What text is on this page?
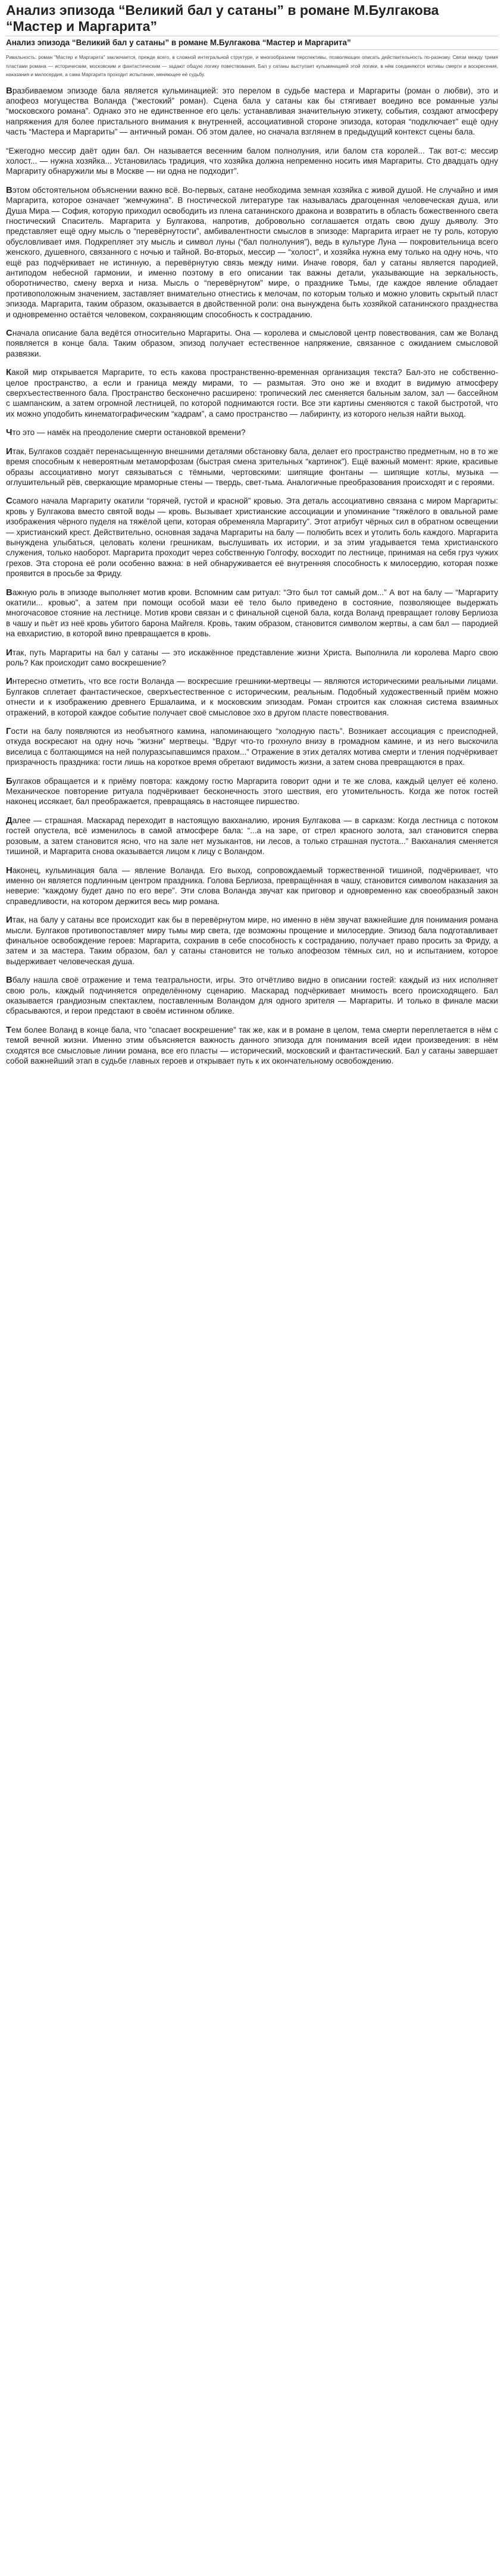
Анализ эпизода “Великий бал у сатаны” в романе М.Булгакова “Мастер и Маргарита”
Анализ эпизода “Великий бал у сатаны” в романе М.Булгакова “Мастер и Маргарита”

Ривальность: роман "Мастер и Маргарита" заключается, прежде всего, в сложной интегральной структуре, и многообразием перспективы, позволяющих описать действительность по-разному. Связи между тремя пластами романа — историческим, московским и фантастическим — задают общую логику повествования. Бал у сатаны выступает кульминацией этой логики, в нём соединяются мотивы смерти и воскресения, наказания и милосердия, а сама Маргарита проходит испытание, меняющее её судьбу.

Вразбиваемом эпизоде бала является кульминацией: это перелом в судьбе мастера и Маргариты (роман о любви), это и апофеоз могущества Воланда (“жестокий” роман). Сцена бала у сатаны как бы стягивает воедино все романные узлы “московского романа”. Однако это не единственное его цель: устанавливая значительную этикету, события, создают атмосферу напряжения для более пристального внимания к внутренней, ассоциативной стороне эпизода, которая “подключает” ещё одну часть “Мастера и Маргариты” — античный роман. Об этом далее, но сначала взглянем в предыдущий контекст сцены бала.

“Ежегодно мессир даёт один бал. Он называется весенним балом полнолуния, или балом ста королей... Так вот-с: мессир холост... — нужна хозяйка... Установилась традиция, что хозяйка должна непременно носить имя Маргариты. Сто двадцать одну Маргариту обнаружили мы в Москве — ни одна не подходит”.

Вэтом обстоятельном объяснении важно всё. Во-первых, сатане необходима земная хозяйка с живой душой. Не случайно и имя Маргарита, которое означает “жемчужина”. В гностической литературе так называлась драгоценная человеческая душа, или Душа Мира — София, которую приходил освободить из плена сатанинского дракона и возвратить в область божественного света гностический Спаситель. Маргарита у Булгакова, напротив, добровольно соглашается отдать свою душу дьяволу. Это представляет ещё одну мысль о “перевёрнутости”, амбивалентности смыслов в эпизоде: Маргарита играет не ту роль, которую обусловливает имя. Подкрепляет эту мысль и символ луны (“бал полнолуния”), ведь в культуре Луна — покровительница всего женского, душевного, связанного с ночью и тайной. Во-вторых, мессир — “холост”, и хозяйка нужна ему только на одну ночь, что ещё раз подчёркивает не истинную, а перевёрнутую связь между ними. Иначе говоря, бал у сатаны является пародией, антиподом небесной гармонии, и именно поэтому в его описании так важны детали, указывающие на зеркальность, оборотничество, смену верха и низа. Мысль о “перевёрнутом” мире, о празднике Тьмы, где каждое явление обладает противоположным значением, заставляет внимательно отнестись к мелочам, по которым только и можно уловить скрытый пласт эпизода. Маргарита, таким образом, оказывается в двойственной роли: она вынуждена быть хозяйкой сатанинского празднества и одновременно остаётся человеком, сохраняющим способность к состраданию.

Сначала описание бала ведётся относительно Маргариты. Она — королева и смысловой центр повествования, сам же Воланд появляется в конце бала. Таким образом, эпизод получает естественное напряжение, связанное с ожиданием смысловой развязки.

Какой мир открывается Маргарите, то есть какова пространственно-временная организация текста? Бал-это не собственно-целое пространство, а если и граница между мирами, то — размытая. Это оно же и входит в видимую атмосферу сверхъестественного бала. Пространство бесконечно расширено: тропический лес сменяется бальным залом, зал — бассейном с шампанским, а затем огромной лестницей, по которой поднимаются гости. Все эти картины сменяются с такой быстротой, что их можно уподобить кинематографическим “кадрам”, а само пространство — лабиринту, из которого нельзя найти выход.

Что это — намёк на преодоление смерти остановкой времени?

Итак, Булгаков создаёт перенасыщенную внешними деталями обстановку бала, делает его пространство предметным, но в то же время способным к невероятным метаморфозам (быстрая смена зрительных “картинок”). Ещё важный момент: яркие, красивые образы ассоциативно могут связываться с тёмными, чертовскими: шипящие фонтаны — шипящие котлы, музыка — оглушительный рёв, сверкающие мраморные стены — твердь, свет-тьма. Аналогичные преобразования происходят и с героями.

Ссамого начала Маргариту окатили “горячей, густой и красной” кровью. Эта деталь ассоциативно связана с миром Маргариты: кровь у Булгакова вместо святой воды — кровь. Вызывает христианские ассоциации и упоминание “тяжёлого в овальной раме изображения чёрного пуделя на тяжёлой цепи, которая обременяла Маргариту”. Этот атрибут чёрных сил в обратном освещении — христианский крест. Действительно, основная задача Маргариты на балу — полюбить всех и утолить боль каждого. Маргарита вынуждена улыбаться, целовать колени грешникам, выслушивать их истории, и за этим угадывается тема христианского служения, только наоборот. Маргарита проходит через собственную Голгофу, восходит по лестнице, принимая на себя груз чужих грехов. Эта сторона её роли особенно важна: в ней обнаруживается её внутренняя способность к милосердию, которая позже проявится в просьбе за Фриду.

Важную роль в эпизоде выполняет мотив крови. Вспомним сам ритуал: “Это был тот самый дом...” А вот на балу — “Маргариту окатили... кровью”, а затем при помощи особой мази её тело было приведено в состояние, позволяющее выдержать многочасовое стояние на лестнице. Мотив крови связан и с финальной сценой бала, когда Воланд превращает голову Берлиоза в чашу и пьёт из неё кровь убитого барона Майгеля. Кровь, таким образом, становится символом жертвы, а сам бал — пародией на евхаристию, в которой вино превращается в кровь.

Итак, путь Маргариты на бал у сатаны — это искажённое представление жизни Христа. Выполнила ли королева Марго свою роль? Как происходит само воскрешение?

Интересно отметить, что все гости Воланда — воскресшие грешники-мертвецы — являются историческими реальными лицами. Булгаков сплетает фантастическое, сверхъестественное с историческим, реальным. Подобный художественный приём можно отнести и к изображению древнего Ершалаима, и к московским эпизодам. Роман строится как сложная система взаимных отражений, в которой каждое событие получает своё смысловое эхо в другом пласте повествования.

Гости на балу появляются из необъятного камина, напоминающего “холодную пасть”. Возникает ассоциация с преисподней, откуда воскресают на одну ночь “жизни” мертвецы. “Вдруг что-то грохнуло внизу в громадном камине, и из него выскочила виселица с болтающимся на ней полуразсыпавшимся прахом...” Отражение в этих деталях мотива смерти и тления подчёркивает призрачность праздника: гости лишь на короткое время обретают видимость жизни, а затем снова превращаются в прах.

Булгаков обращается и к приёму повтора: каждому гостю Маргарита говорит одни и те же слова, каждый целует её колено. Механическое повторение ритуала подчёркивает бесконечность этого шествия, его утомительность. Когда же поток гостей наконец иссякает, бал преображается, превращаясь в настоящее пиршество.

Далее — страшная. Маскарад переходит в настоящую вакханалию, ирония Булгакова — в сарказм: Когда лестница с потоком гостей опустела, всё изменилось в самой атмосфере бала: “...а на заре, от стрел красного золота, зал становится сперва розовым, а затем становится ясно, что на зале нет музыкантов, ни лесов, а только страшная пустота...” Вакханалия сменяется тишиной, и Маргарита снова оказывается лицом к лицу с Воландом.

Наконец, кульминация бала — явление Воланда. Его выход, сопровождаемый торжественной тишиной, подчёркивает, что именно он является подлинным центром праздника. Голова Берлиоза, превращённая в чашу, становится символом наказания за неверие: “каждому будет дано по его вере”. Эти слова Воланда звучат как приговор и одновременно как своеобразный закон справедливости, на котором держится весь мир романа.

Итак, на балу у сатаны все происходит как бы в перевёрнутом мире, но именно в нём звучат важнейшие для понимания романа мысли. Булгаков противопоставляет миру тьмы мир света, где возможны прощение и милосердие. Эпизод бала подготавливает финальное освобождение героев: Маргарита, сохранив в себе способность к состраданию, получает право просить за Фриду, а затем и за мастера. Таким образом, бал у сатаны становится не только апофеозом тёмных сил, но и испытанием, которое выдерживает человеческая душа.

Вбалу нашла своё отражение и тема театральности, игры. Это отчётливо видно в описании гостей: каждый из них исполняет свою роль, каждый подчиняется определённому сценарию. Маскарад подчёркивает мнимость всего происходящего. Бал оказывается грандиозным спектаклем, поставленным Воландом для одного зрителя — Маргариты. И только в финале маски сбрасываются, и герои предстают в своём истинном облике.

Тем более Воланд в конце бала, что “спасает воскрешение” так же, как и в романе в целом, тема смерти переплетается в нём с темой вечной жизни. Именно этим объясняется важность данного эпизода для понимания всей идеи произведения: в нём сходятся все смысловые линии романа, все его пласты — исторический, московский и фантастический. Бал у сатаны завершает собой важнейший этап в судьбе главных героев и открывает путь к их окончательному освобождению.
